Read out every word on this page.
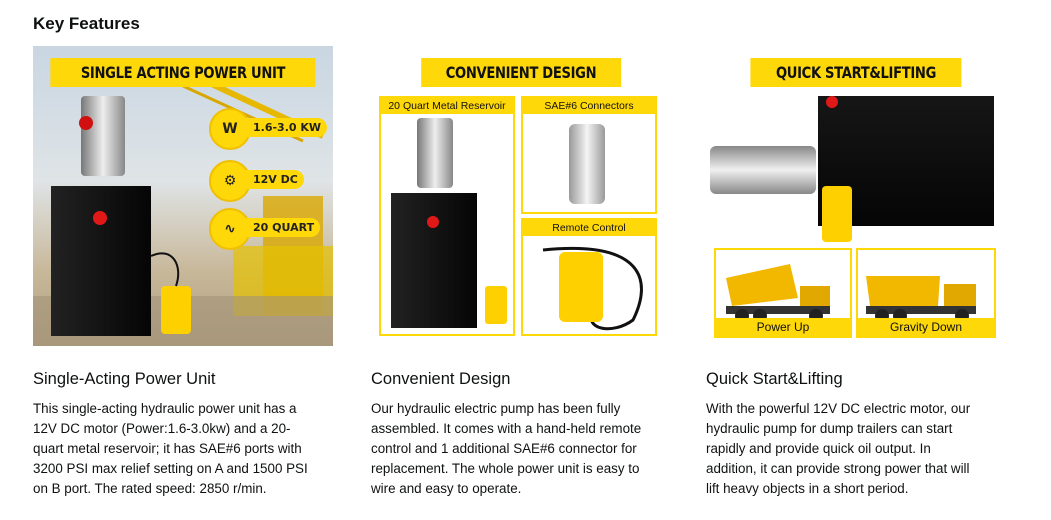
Key Features
SINGLE ACTING POWER UNIT
W	1.6-3.0 KW
⚙	12V DC
∿	20 QUART
Single-Acting Power Unit
This single-acting hydraulic power unit has a
12V DC motor (Power:1.6-3.0kw) and a 20-
quart metal reservoir; it has SAE#6 ports with
3200 PSI max relief setting on A and 1500 PSI
on B port. The rated speed: 2850 r/min.
CONVENIENT DESIGN
20 Quart Metal Reservoir	SAE#6 Connectors
Remote Control
Convenient Design
Our hydraulic electric pump has been fully
assembled. It comes with a hand-held remote
control and 1 additional SAE#6 connector for
replacement. The whole power unit is easy to
wire and easy to operate.
QUICK START&LIFTING
Power Up	Gravity Down
Quick Start&Lifting
With the powerful 12V DC electric motor, our
hydraulic pump for dump trailers can start
rapidly and provide quick oil output. In
addition, it can provide strong power that will
lift heavy objects in a short period.
